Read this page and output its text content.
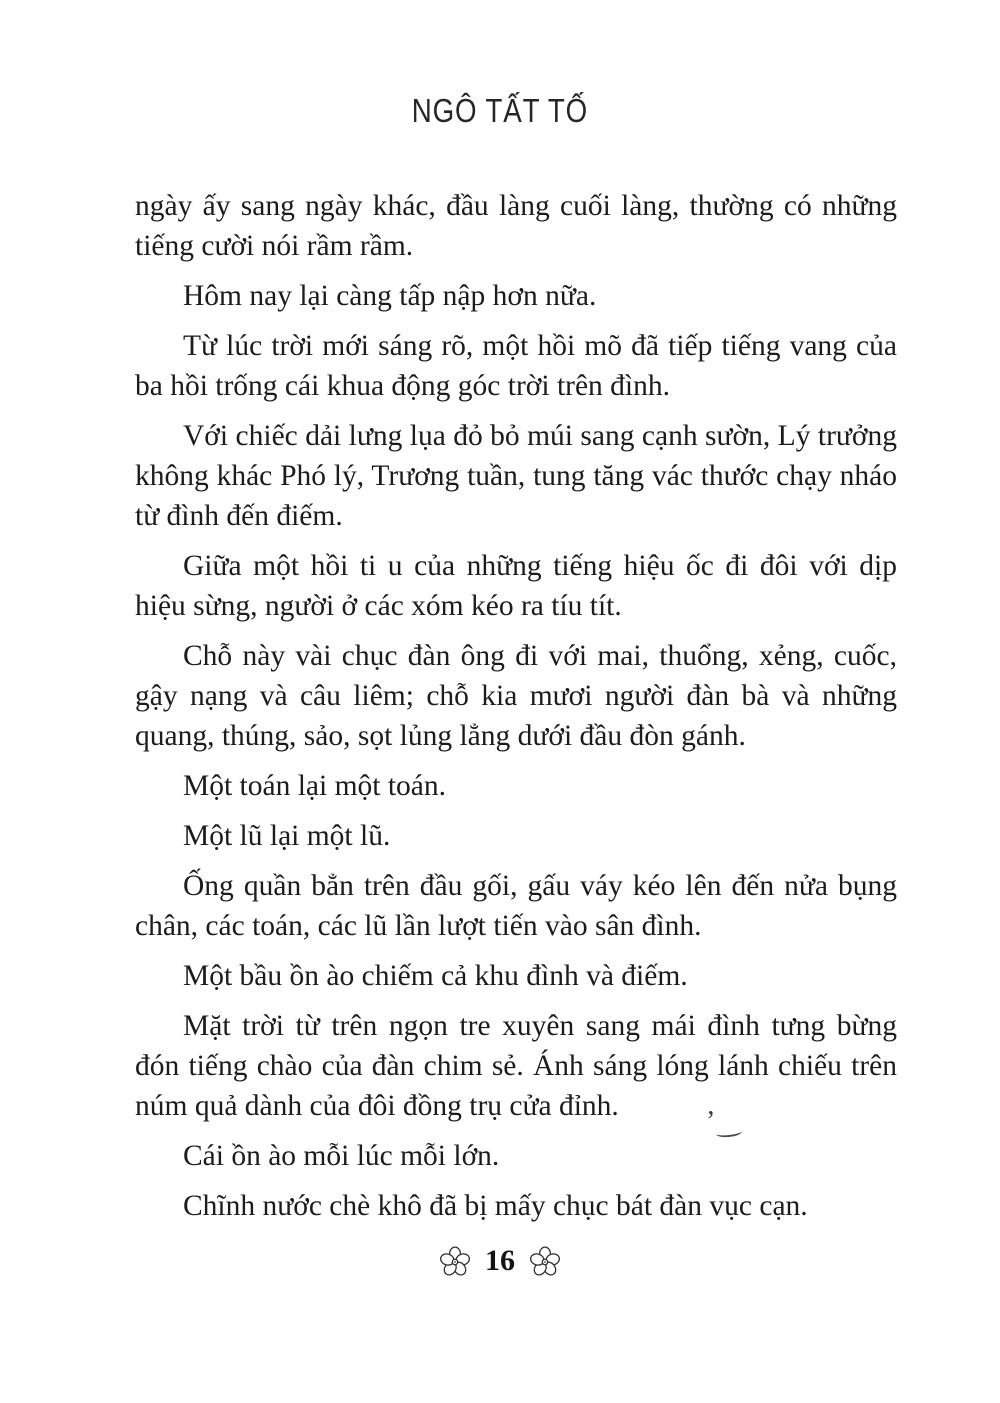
NGÔ TẤT TỐ

ngày ấy sang ngày khác, đầu làng cuối làng, thường có những tiếng cười nói rầm rầm.

Hôm nay lại càng tấp nập hơn nữa.

Từ lúc trời mới sáng rõ, một hồi mõ đã tiếp tiếng vang của ba hồi trống cái khua động góc trời trên đình.

Với chiếc dải lưng lụa đỏ bỏ múi sang cạnh sườn, Lý trưởng không khác Phó lý, Trương tuần, tung tăng vác thước chạy nháo từ đình đến điếm.

Giữa một hồi ti u của những tiếng hiệu ốc đi đôi với dịp hiệu sừng, người ở các xóm kéo ra tíu tít.

Chỗ này vài chục đàn ông đi với mai, thuổng, xẻng, cuốc, gậy nạng và câu liêm; chỗ kia mươi người đàn bà và những quang, thúng, sảo, sọt lủng lẳng dưới đầu đòn gánh.

Một toán lại một toán.

Một lũ lại một lũ.

Ống quần bẳn trên đầu gối, gấu váy kéo lên đến nửa bụng chân, các toán, các lũ lần lượt tiến vào sân đình.

Một bầu ồn ào chiếm cả khu đình và điếm.

Mặt trời từ trên ngọn tre xuyên sang mái đình tưng bừng đón tiếng chào của đàn chim sẻ. Ánh sáng lóng lánh chiếu trên núm quả dành của đôi đồng trụ cửa đỉnh.

Cái ồn ào mỗi lúc mỗi lớn.

Chĩnh nước chè khô đã bị mấy chục bát đàn vục cạn.

’
16
